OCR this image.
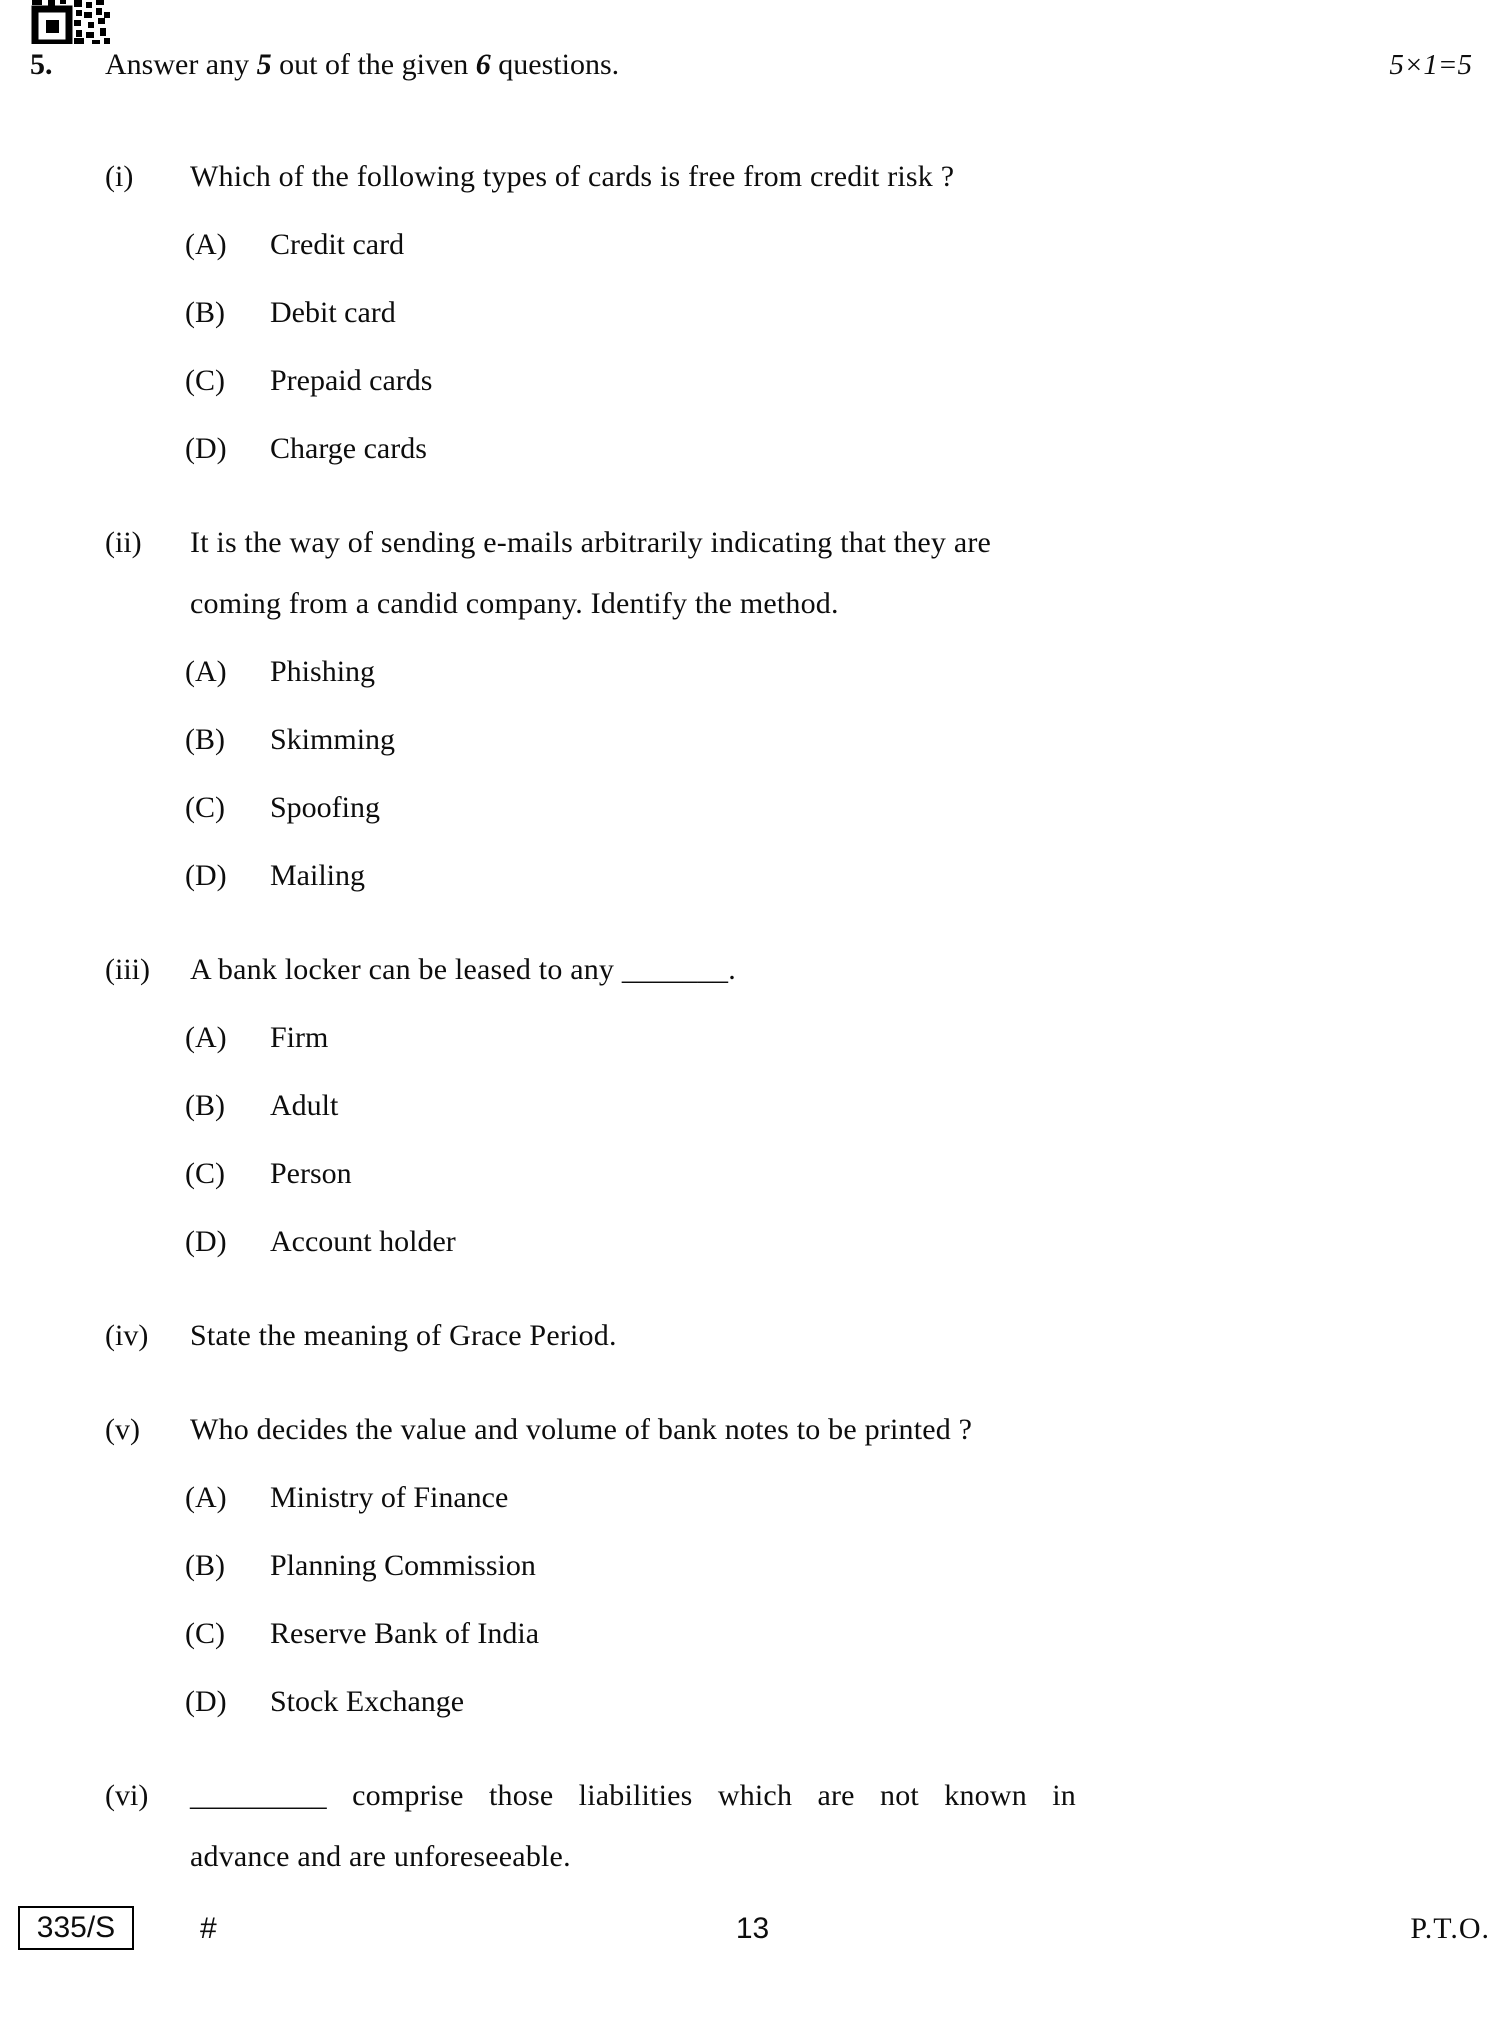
5. Answer any 5 out of the given 6 questions.	5×1=5
(i) Which of the following types of cards is free from credit risk ?
(A) Credit card
(B) Debit card
(C) Prepaid cards
(D) Charge cards
(ii) It is the way of sending e-mails arbitrarily indicating that they are
coming from a candid company. Identify the method.
(A) Phishing
(B) Skimming
(C) Spoofing
(D) Mailing
(iii) A bank locker can be leased to any _______.
(A) Firm
(B) Adult
(C) Person
(D) Account holder
(iv) State the meaning of Grace Period.
(v) Who decides the value and volume of bank notes to be printed ?
(A) Ministry of Finance
(B) Planning Commission
(C) Reserve Bank of India
(D) Stock Exchange
(vi) _________ comprise those liabilities which are not known in
advance and are unforeseeable.
335/S	#	13	P.T.O.
